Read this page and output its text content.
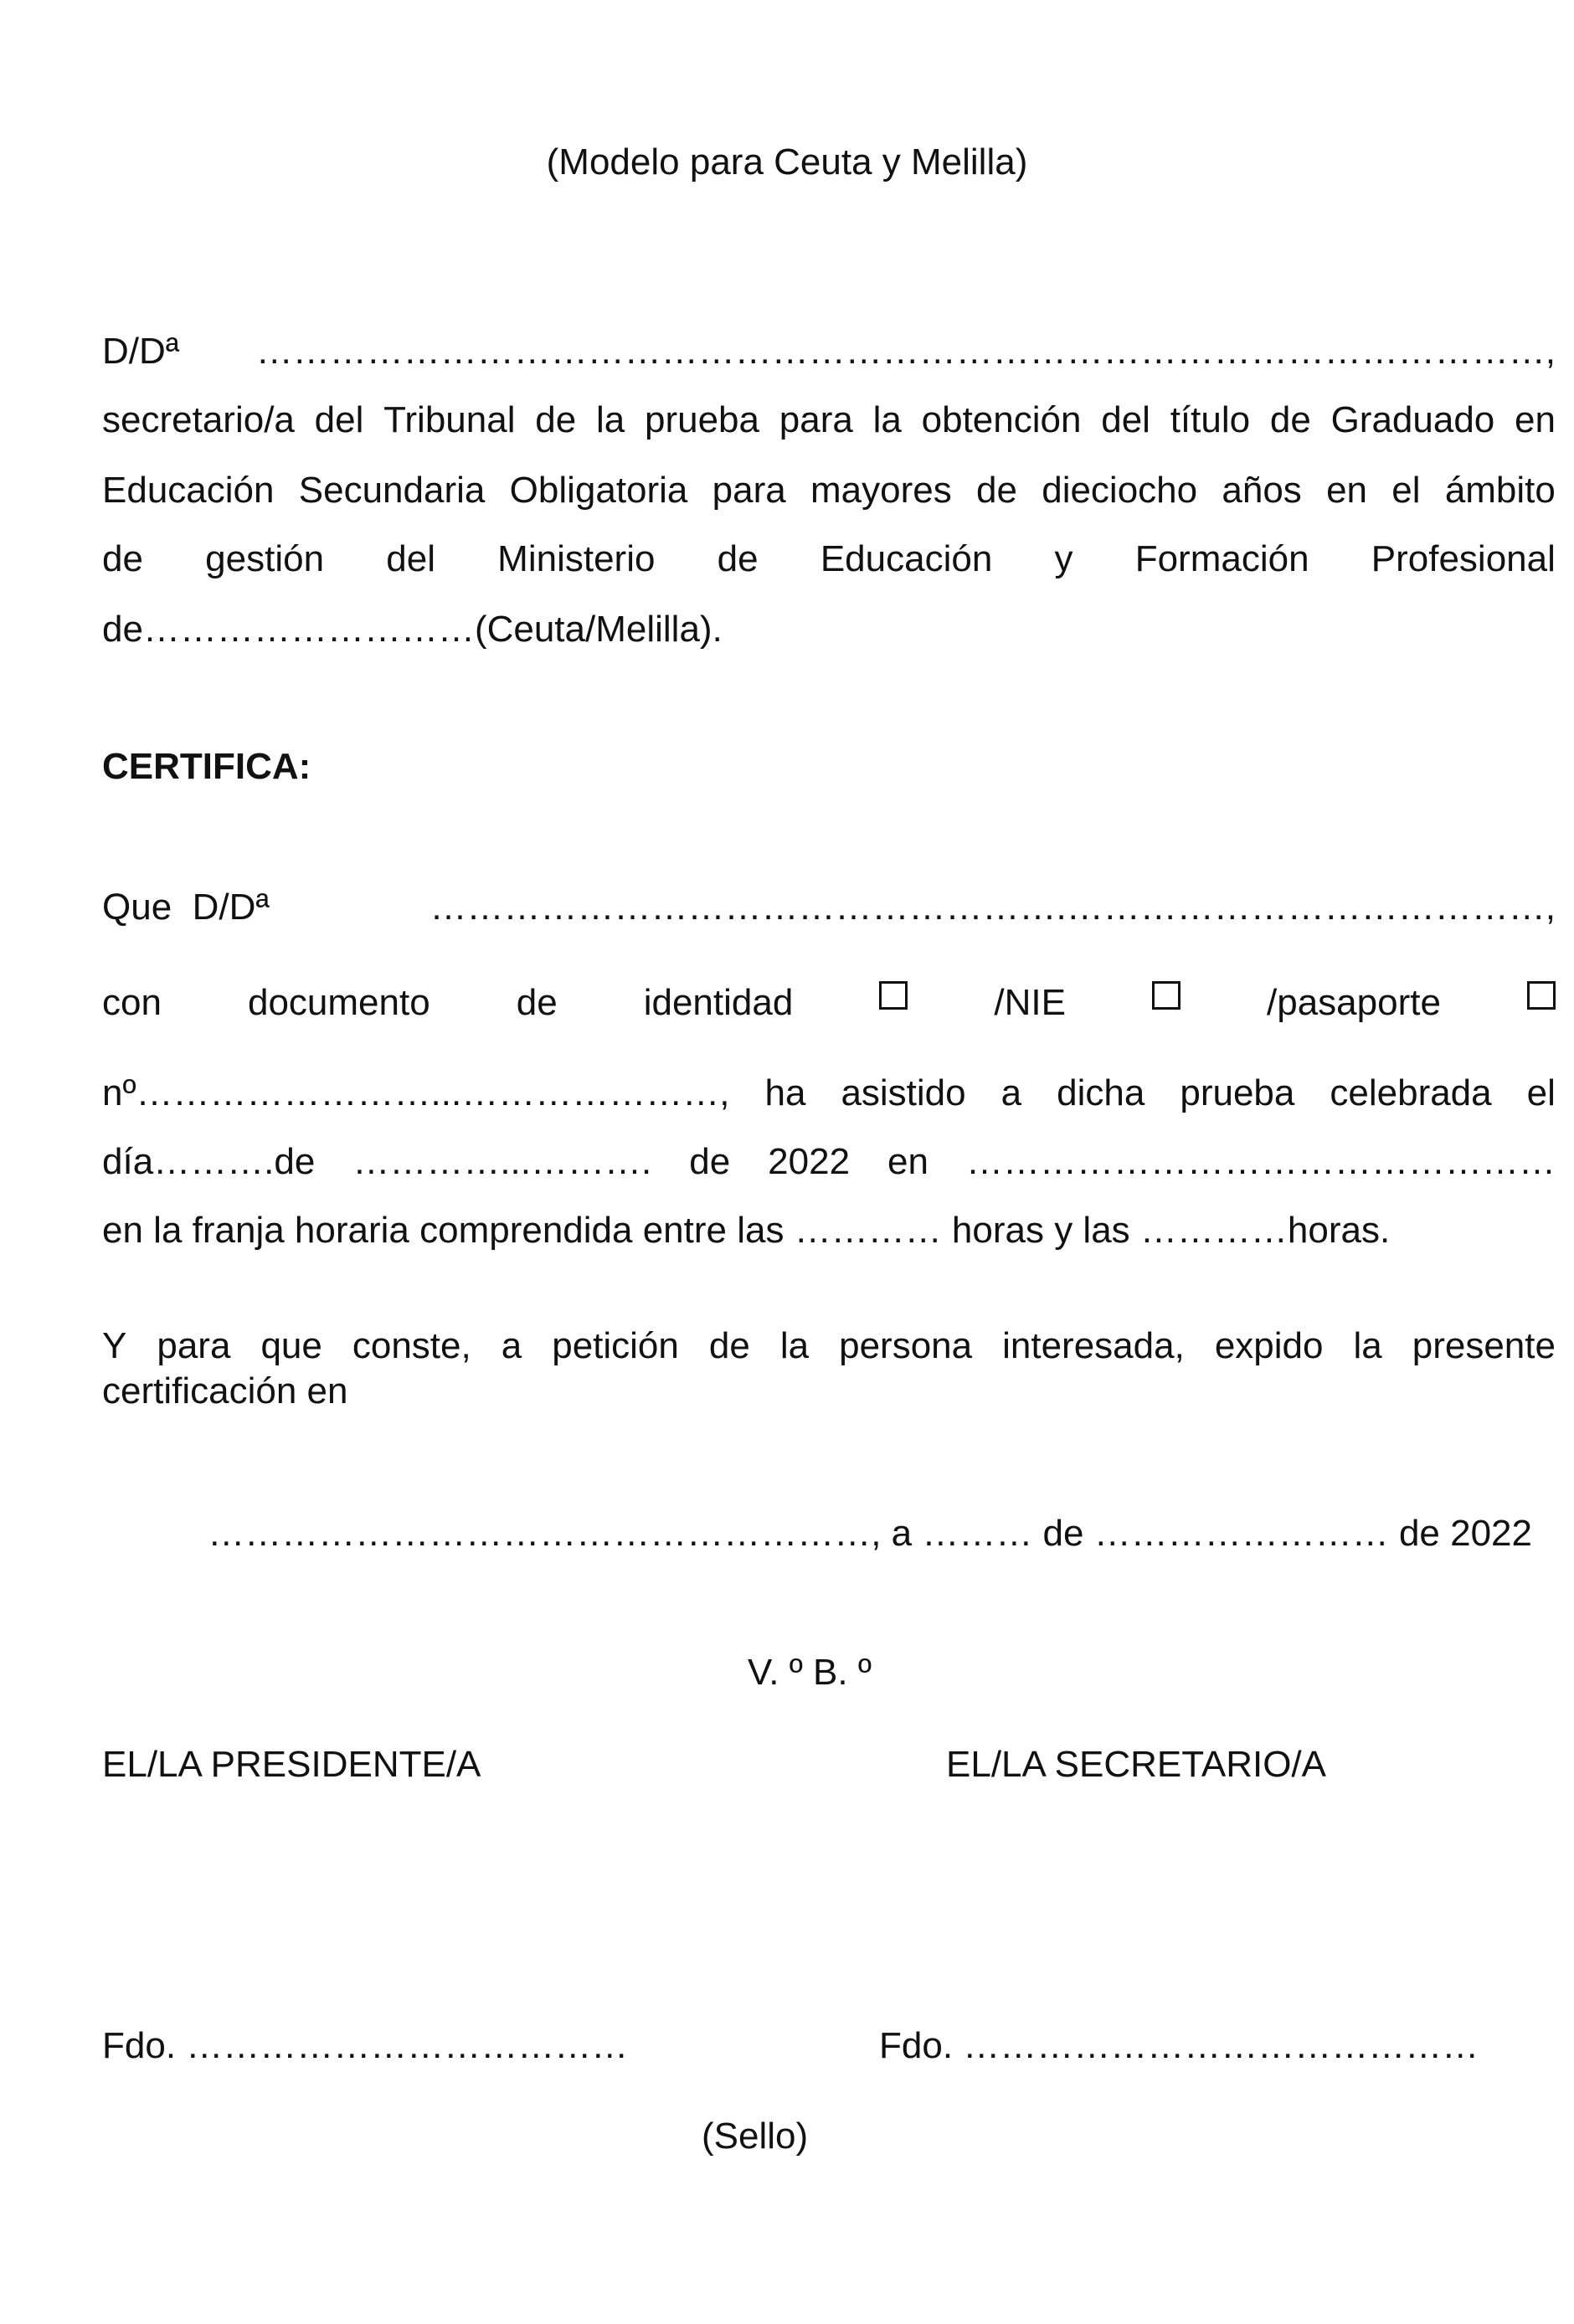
(Modelo para Ceuta y Melilla)
D/Dª ……………………………………………………………………………………………,
secretario/a del Tribunal de la prueba para la obtención del título de Graduado en
Educación Secundaria Obligatoria para mayores de dieciocho años en el ámbito
de gestión del Ministerio de Educación y Formación Profesional
de………………………(Ceuta/Melilla).
CERTIFICA:
Que  D/Dª	…………………………………………….…………………………………,
con documento de identidad	/NIE	/pasaporte
nº……………………...…………………, ha asistido a dicha prueba celebrada el
día……….de …………...………. de 2022 en …………………………………………
en la franja horaria comprendida entre las ………… horas y las …………horas.
Y para que conste, a petición de la persona interesada, expido la presente
certificación en
………………………………………………, a ……… de …………………… de 2022
V. º B. º
EL/LA PRESIDENTE/A	EL/LA SECRETARIO/A
Fdo. ………………………………	Fdo. ……………………………………
(Sello)
